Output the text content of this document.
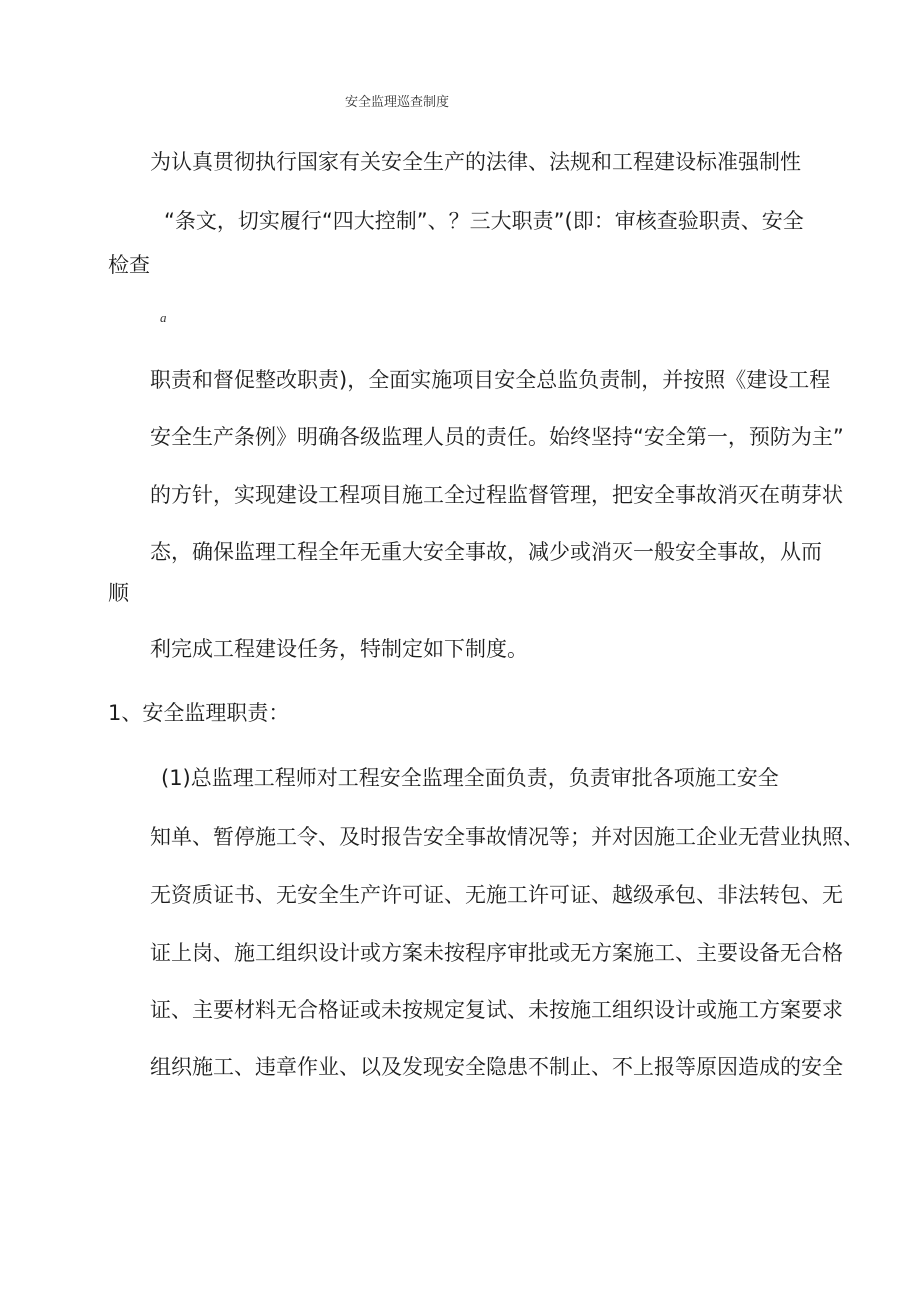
安全监理巡查制度
为认真贯彻执行国家有关安全生产的法律、法规和工程建设标准强制性
“条文，切实履行“四大控制”、？三大职责”(即：审核查验职责、安全
检查
a
职责和督促整改职责)，全面实施项目安全总监负责制，并按照《建设工程
安全生产条例》明确各级监理人员的责任。始终坚持“安全第一，预防为主”
的方针，实现建设工程项目施工全过程监督管理，把安全事故消灭在萌芽状
态，确保监理工程全年无重大安全事故，减少或消灭一般安全事故，从而
顺
利完成工程建设任务，特制定如下制度。
1、安全监理职责：
(1)总监理工程师对工程安全监理全面负责，负责审批各项施工安全
知单、暂停施工令、及时报告安全事故情况等；并对因施工企业无营业执照、
无资质证书、无安全生产许可证、无施工许可证、越级承包、非法转包、无
证上岗、施工组织设计或方案未按程序审批或无方案施工、主要设备无合格
证、主要材料无合格证或未按规定复试、未按施工组织设计或施工方案要求
组织施工、违章作业、以及发现安全隐患不制止、不上报等原因造成的安全
